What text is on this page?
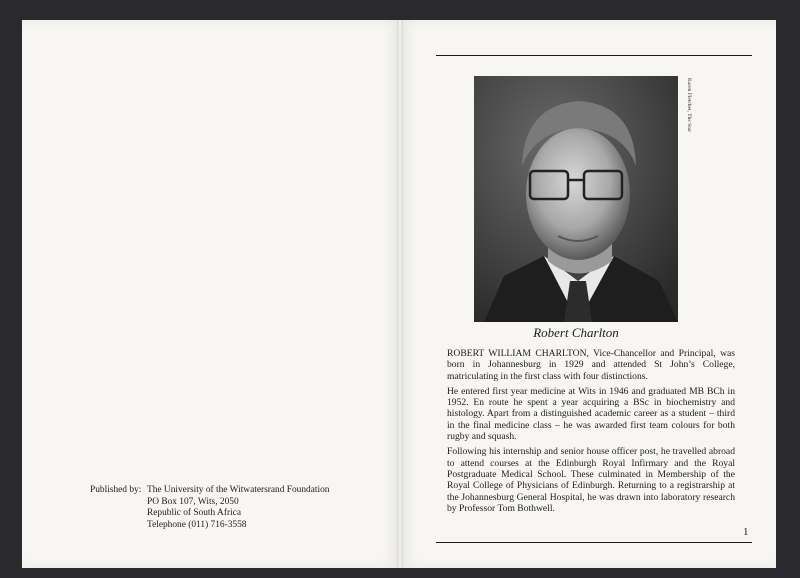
Karen Fletcher, The Star
Robert Charlton

ROBERT WILLIAM CHARLTON, Vice-Chancellor and Principal, was born in Johannesburg in 1929 and attended St John’s College, matriculating in the first class with four distinctions.

He entered first year medicine at Wits in 1946 and graduated MB BCh in 1952. En route he spent a year acquiring a BSc in biochemistry and histology. Apart from a distinguished academic career as a student – third in the final medicine class – he was awarded first team colours for both rugby and squash.

Following his internship and senior house officer post, he travelled abroad to attend courses at the Edinburgh Royal Infirmary and the Royal Postgraduate Medical School. These culminated in Membership of the Royal College of Physicians of Edinburgh. Returning to a registrarship at the Johannesburg General Hospital, he was drawn into laboratory research by Professor Tom Bothwell.

1
Published by: The University of the Witwatersrand Foundation
PO Box 107, Wits, 2050
Republic of South Africa
Telephone (011) 716-3558
